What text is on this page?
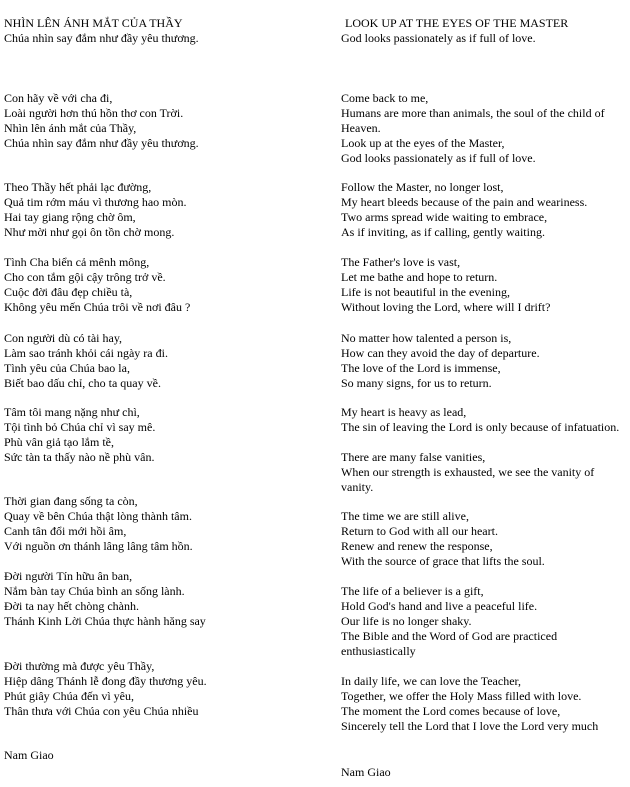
NHÌN LÊN ÁNH MẮT CỦA THẦY
Chúa nhìn say đắm như đầy yêu thương.
Con hãy về với cha đi,
Loài người hơn thú hồn thơ con Trời.
Nhìn lên ánh mắt của Thầy,
Chúa nhìn say đắm như đầy yêu thương.
Theo Thầy hết phải lạc đường,
Quả tim rớm máu vì thương hao mòn.
Hai tay giang rộng chờ ôm,
Như mời như gọi ôn tồn chờ mong.
Tình Cha biển cả mênh mông,
Cho con tắm gội cậy trông trở về.
Cuộc đời đâu đẹp chiều tà,
Không yêu mến Chúa trôi về nơi đâu ?
Con người dù có tài hay,
Làm sao tránh khỏi cái ngày ra đi.
Tình yêu của Chúa bao la,
Biết bao dấu chỉ, cho ta quay về.
Tâm tôi mang nặng như chì,
Tội tình bỏ Chúa chỉ vì say mê.
Phù vân giả tạo lắm tề,
Sức tàn ta thấy nào nề phù vân.
Thời gian đang sống ta còn,
Quay về bên Chúa thật lòng thành tâm.
Canh tân đổi mới hồi âm,
Với nguồn ơn thánh lâng lâng tâm hồn.
Đời người Tín hữu ân ban,
Nắm bàn tay Chúa bình an sống lành.
Đời ta nay hết chòng chành.
Thánh Kinh Lời Chúa thực hành hăng say
Đời thường mà được yêu Thầy,
Hiệp dâng Thánh lễ đong đầy thương yêu.
Phút giây Chúa đến vì yêu,
Thân thưa với Chúa con yêu Chúa nhiều
Nam Giao
LOOK UP AT THE EYES OF THE MASTER
God looks passionately as if full of love.
Come back to me,
Humans are more than animals, the soul of the child of Heaven.
Look up at the eyes of the Master,
God looks passionately as if full of love.
Follow the Master, no longer lost,
My heart bleeds because of the pain and weariness.
Two arms spread wide waiting to embrace,
As if inviting, as if calling, gently waiting.
The Father's love is vast,
Let me bathe and hope to return.
Life is not beautiful in the evening,
Without loving the Lord, where will I drift?
No matter how talented a person is,
How can they avoid the day of departure.
The love of the Lord is immense,
So many signs, for us to return.
My heart is heavy as lead,
The sin of leaving the Lord is only because of infatuation.
There are many false vanities,
When our strength is exhausted, we see the vanity of vanity.
The time we are still alive,
Return to God with all our heart.
Renew and renew the response,
With the source of grace that lifts the soul.
The life of a believer is a gift,
Hold God's hand and live a peaceful life.
Our life is no longer shaky.
The Bible and the Word of God are practiced enthusiastically
In daily life, we can love the Teacher,
Together, we offer the Holy Mass filled with love.
The moment the Lord comes because of love,
Sincerely tell the Lord that I love the Lord very much
Nam Giao
